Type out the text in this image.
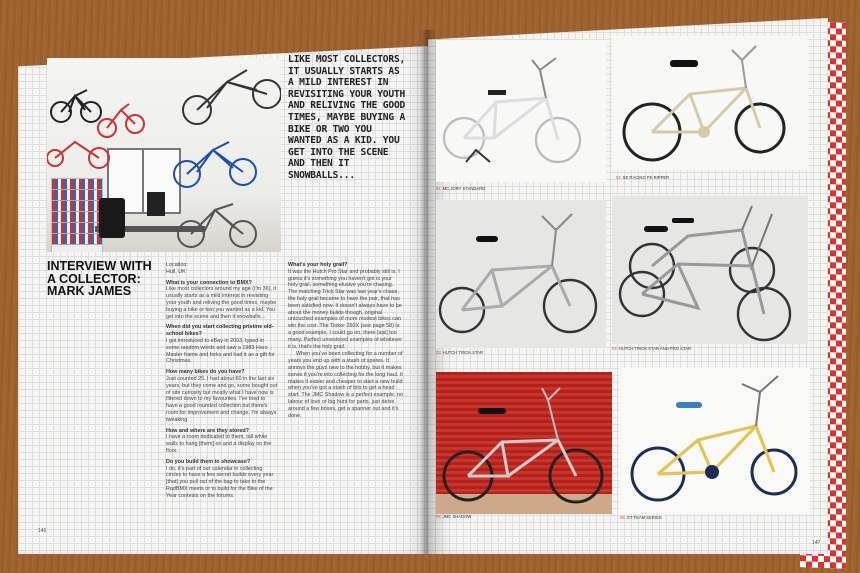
LIKE MOST COLLECTORS, IT USUALLY STARTS AS A MILD INTEREST IN REVISITING YOUR YOUTH AND RELIVING THE GOOD TIMES, MAYBE BUYING A BIKE OR TWO YOU WANTED AS A KID. YOU GET INTO THE SCENE AND THEN IT SNOWBALLS...

INTERVIEW WITH A COLLECTOR: MARK JAMES

Location:
Hull, UK

What is your connection to BMX?

Like most collectors around my age (I'm 36), it usually starts as a mild interest in revisiting your youth and reliving the good times, maybe buying a bike or two you wanted as a kid. You get into the scene and then it snowballs...

When did you start collecting pristine old-school bikes?

I got introduced to eBay in 2003, typed in some random words and saw a 1983 Haro Master frame and forks and had it as a gift for Christmas.

How many bikes do you have?

Just counted 25. I had about 60 in the last six years, but they come and go, some bought out of site curiosity but mostly what I have now is filtered down to my favourites. I've tried to have a good rounded collection but there's room for improvement and change. I'm always tweaking.

How and where are they stored?

I have a room dedicated to them, tall white walls to hang [them] on and a display on the floor.

Do you build them to showcase?

I do, it's part of our calendar in collecting circles to have a few secret builds every year [that] you pull out of the bag to take to the RadBMX meets or to build for the Bike of the Year contests on the forums.

What's your holy grail?

It was the Hutch Pro Star and probably still is. I guess it's something you haven't got is your holy grail, something elusive you're chasing. The matching Trick Star was last year's chase, the holy grail became to have the pair, that has been satisfied now. It doesn't always have to be about the money builds though, original untouched examples of more modest bikes can win the cost. The Torker 260X (see page 58) is a good example. I could go on, there [are] too many. Perfect unrestored examples of whatever it is, that's the holy grail.

When you've been collecting for a number of years you end up with a stash of spares. It annoys the guys new to the hobby, but it makes sense if you're into collecting for the long haul. It makes it easier and cheaper to start a new build when you've got a stash of bits to get a head start. The JMC Shadow is a perfect example; no labour of love or big hunt for parts, just delve around a few boxes, get a spanner out and it's done.

146
01 MC JORY STANDARD
02 SE RACING PK RIPPER
03 HUTCH TRICK STAR
04 HUTCH TRICK STAR AND PRO STAR
05 JMC SHADOW	06 GT TEAM SERIES
147
